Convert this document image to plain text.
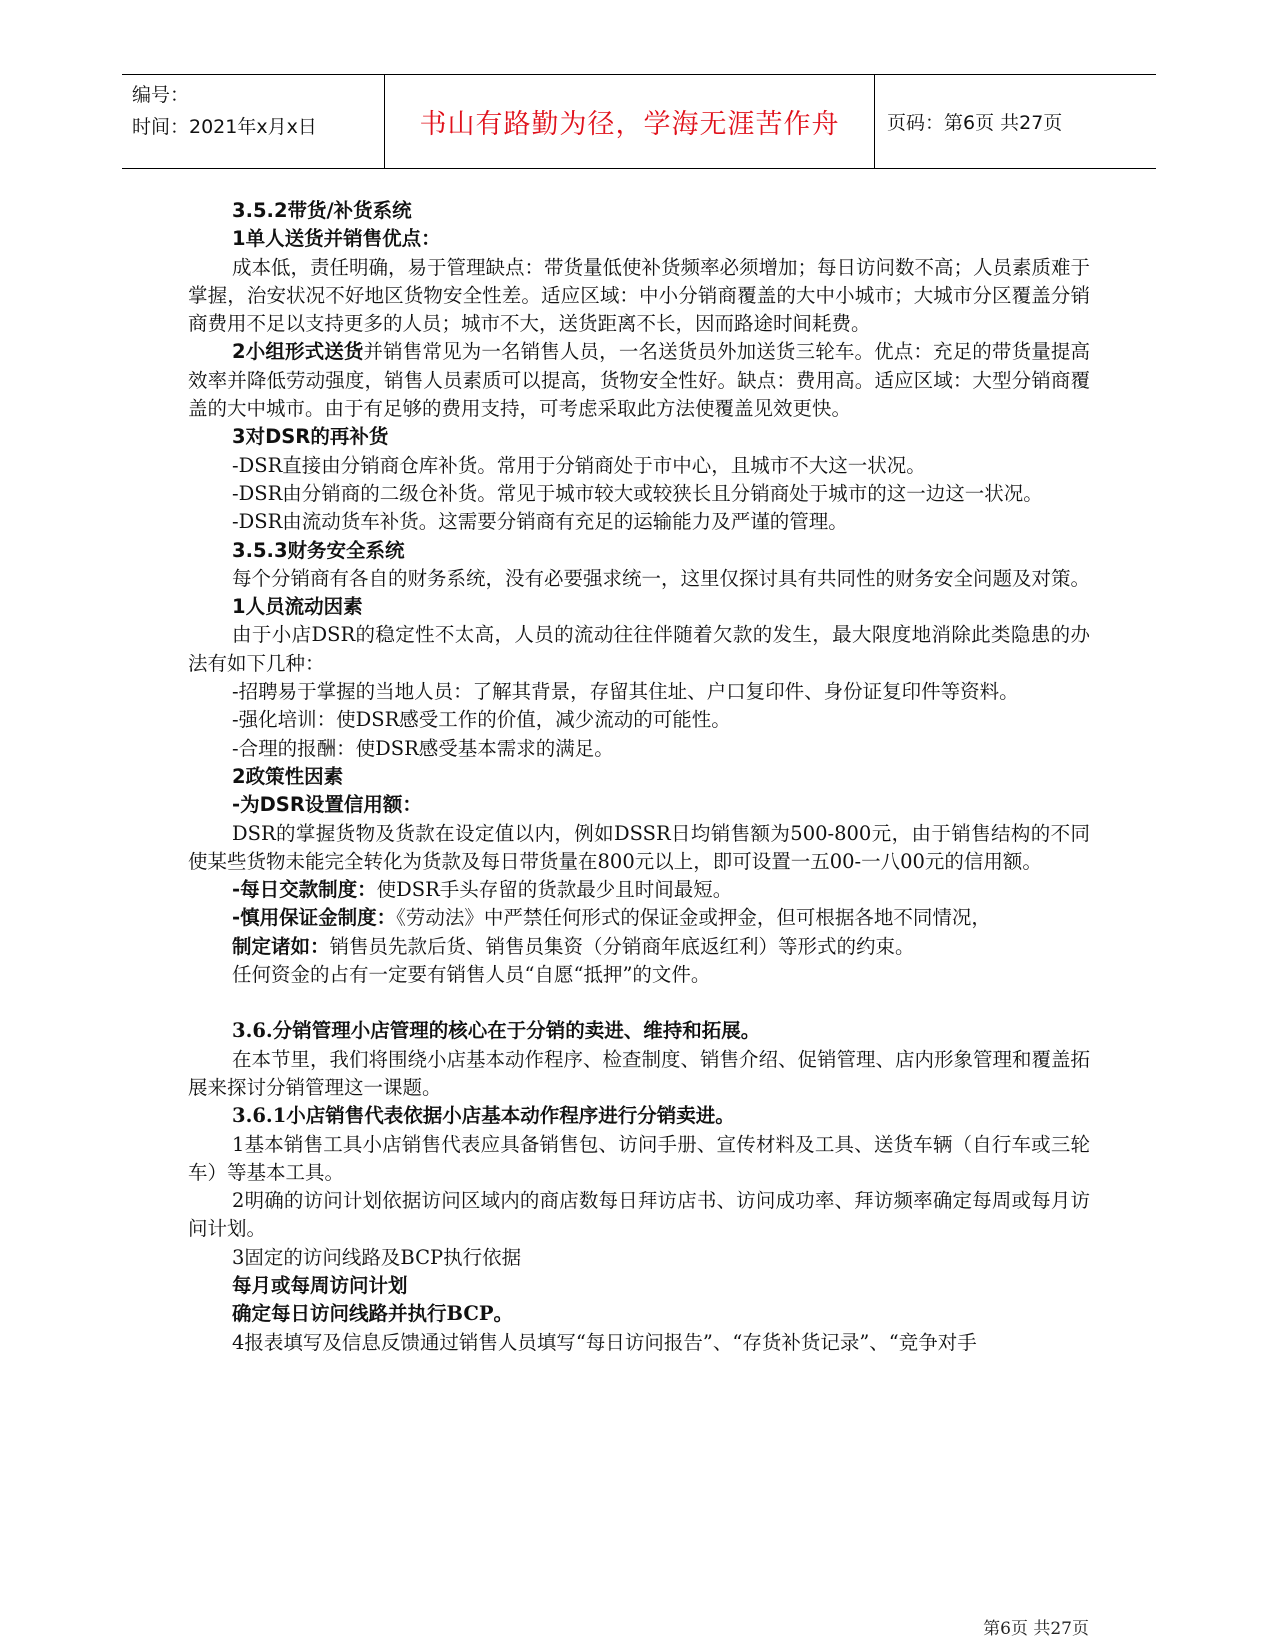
编号：
时间：2021年x月x日	书山有路勤为径，学海无涯苦作舟	页码：第6页 共27页

3.5.2带货/补货系统

1单人送货并销售优点：

成本低，责任明确，易于管理缺点：带货量低使补货频率必须增加；每日访问数不高；人员素质难于掌握，治安状况不好地区货物安全性差。适应区域：中小分销商覆盖的大中小城市；大城市分区覆盖分销商费用不足以支持更多的人员；城市不大，送货距离不长，因而路途时间耗费。

2小组形式送货并销售常见为一名销售人员，一名送货员外加送货三轮车。优点：充足的带货量提高效率并降低劳动强度，销售人员素质可以提高，货物安全性好。缺点：费用高。适应区域：大型分销商覆盖的大中城市。由于有足够的费用支持，可考虑采取此方法使覆盖见效更快。

3对DSR的再补货

-DSR直接由分销商仓库补货。常用于分销商处于市中心，且城市不大这一状况。

-DSR由分销商的二级仓补货。常见于城市较大或较狭长且分销商处于城市的这一边这一状况。

-DSR由流动货车补货。这需要分销商有充足的运输能力及严谨的管理。

3.5.3财务安全系统

每个分销商有各自的财务系统，没有必要强求统一，这里仅探讨具有共同性的财务安全问题及对策。

1人员流动因素

由于小店DSR的稳定性不太高，人员的流动往往伴随着欠款的发生，最大限度地消除此类隐患的办法有如下几种：

-招聘易于掌握的当地人员：了解其背景，存留其住址、户口复印件、身份证复印件等资料。

-强化培训：使DSR感受工作的价值，减少流动的可能性。

-合理的报酬：使DSR感受基本需求的满足。

2政策性因素

-为DSR设置信用额：

DSR的掌握货物及货款在设定值以内，例如DSSR日均销售额为500-800元，由于销售结构的不同使某些货物未能完全转化为货款及每日带货量在800元以上，即可设置一五00-一八00元的信用额。

-每日交款制度：使DSR手头存留的货款最少且时间最短。

-慎用保证金制度：《劳动法》中严禁任何形式的保证金或押金，但可根据各地不同情况，

制定诸如：销售员先款后货、销售员集资（分销商年底返红利）等形式的约束。

任何资金的占有一定要有销售人员“自愿“抵押”的文件。

3.6.分销管理小店管理的核心在于分销的卖进、维持和拓展。

在本节里，我们将围绕小店基本动作程序、检查制度、销售介绍、促销管理、店内形象管理和覆盖拓展来探讨分销管理这一课题。

3.6.1小店销售代表依据小店基本动作程序进行分销卖进。

1基本销售工具小店销售代表应具备销售包、访问手册、宣传材料及工具、送货车辆（自行车或三轮车）等基本工具。

2明确的访问计划依据访问区域内的商店数每日拜访店书、访问成功率、拜访频率确定每周或每月访问计划。

3固定的访问线路及BCP执行依据

每月或每周访问计划

确定每日访问线路并执行BCP。

4报表填写及信息反馈通过销售人员填写“每日访问报告”、“存货补货记录”、“竞争对手

第6页 共27页
